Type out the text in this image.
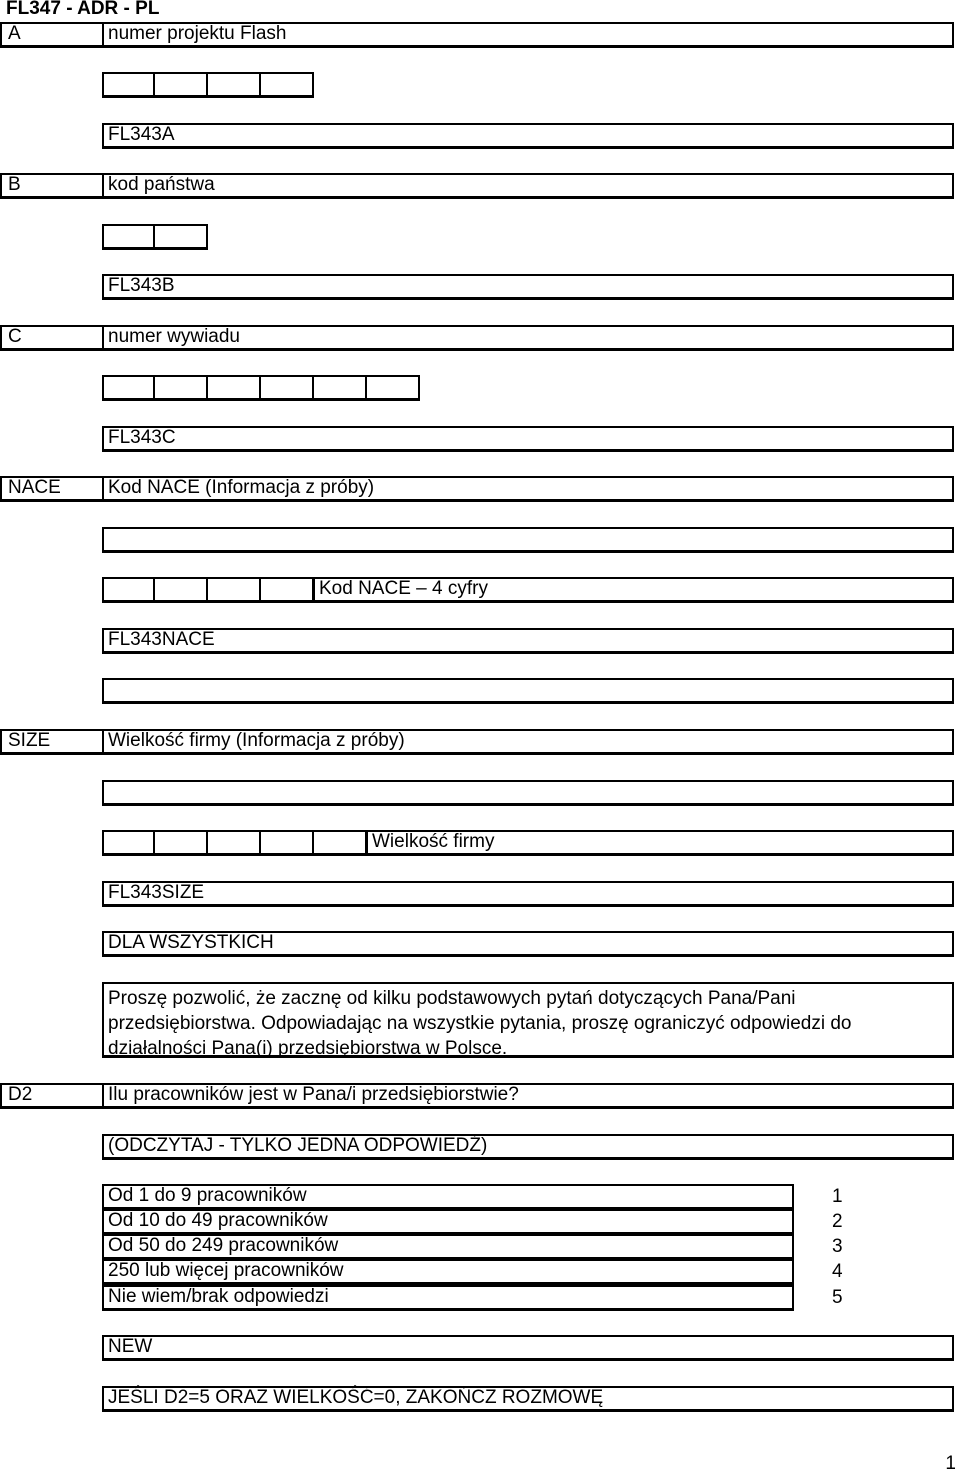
FL347 - ADR - PL
A	numer projektu Flash
FL343A
B	kod państwa
FL343B
C	numer wywiadu
FL343C
NACE	Kod NACE (Informacja z próby)
Kod NACE – 4 cyfry
FL343NACE
SIZE	Wielkość firmy (Informacja z próby)
Wielkość firmy
FL343SIZE
DLA WSZYSTKICH
Proszę pozwolić, że zacznę od kilku podstawowych pytań dotyczących Pana/Pani przedsiębiorstwa. Odpowiadając na wszystkie pytania, proszę ograniczyć odpowiedzi do działalności Pana(i) przedsiębiorstwa w Polsce.
D2	Ilu pracowników jest w Pana/i przedsiębiorstwie?
(ODCZYTAJ - TYLKO JEDNA ODPOWIEDŹ)
Od 1 do 9 pracowników	1
Od 10 do 49 pracowników	2
Od 50 do 249 pracowników	3
250 lub więcej pracowników	4
Nie wiem/brak odpowiedzi	5
NEW
JEŚLI D2=5 ORAZ WIELKOŚĆ=0, ZAKOŃCZ ROZMOWĘ
1
